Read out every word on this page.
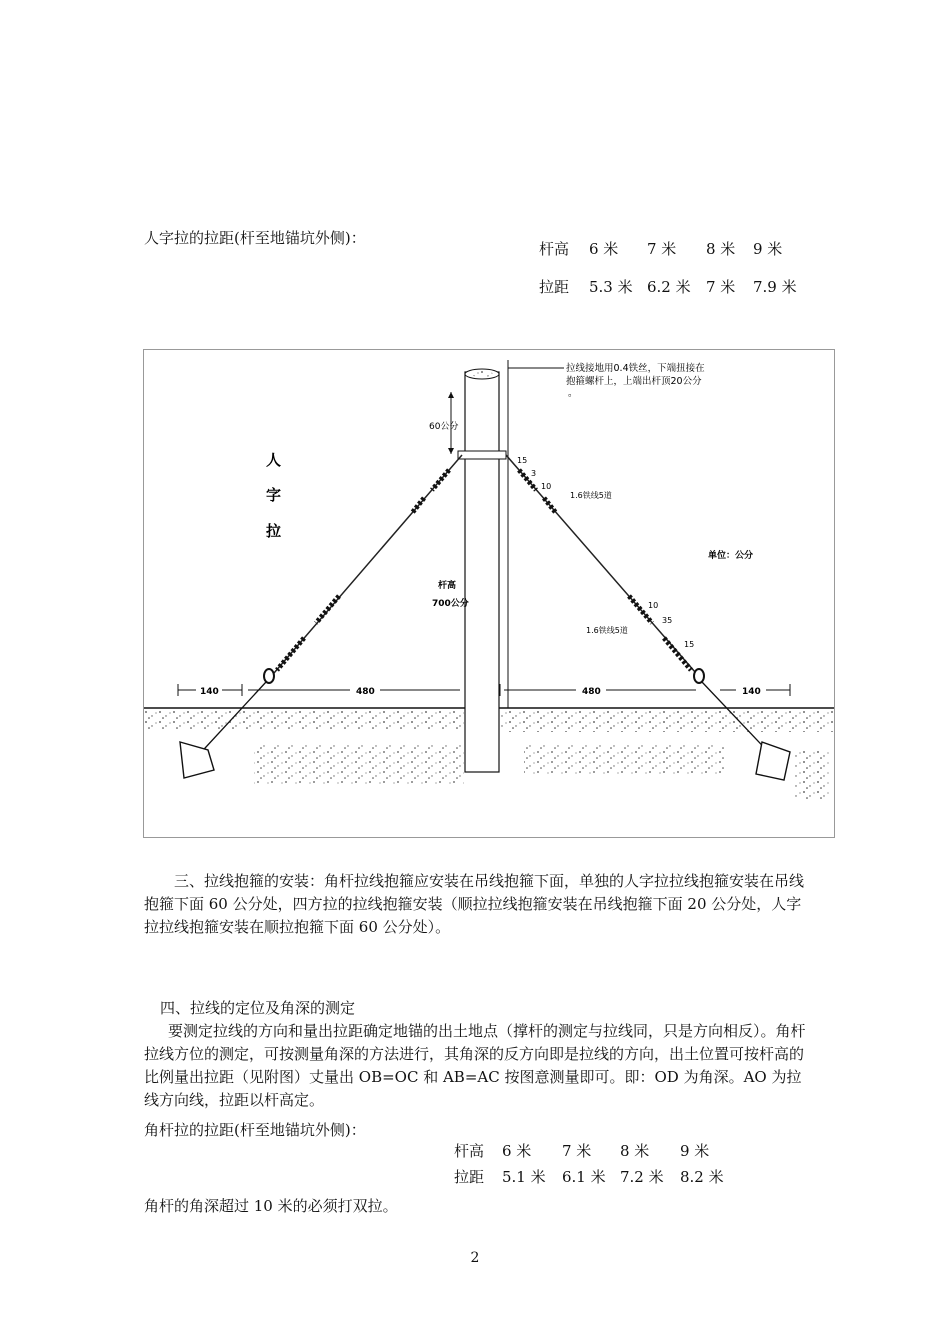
人字拉的拉距(杆至地锚坑外侧)：
杆高 6 米 7 米 8 米 9 米
拉距 5.3 米 6.2 米 7 米 7.9 米
60公分
人
字
拉
杆高
700公分
拉线接地用0.4铁丝，下端扭接在
抱箍螺杆上，上端出杆顶20公分
。
单位：公分
1.6铁线5道
1.6铁线5道
15
3
10
10
35
15
140	480	480	140
三、拉线抱箍的安装：角杆拉线抱箍应安装在吊线抱箍下面，单独的人字拉拉线抱箍安装在吊线抱箍下面 60 公分处，四方拉的拉线抱箍安装（顺拉拉线抱箍安装在吊线抱箍下面 20 公分处，人字拉拉线抱箍安装在顺拉抱箍下面 60 公分处）。
四、拉线的定位及角深的测定
要测定拉线的方向和量出拉距确定地锚的出土地点（撑杆的测定与拉线同，只是方向相反）。角杆拉线方位的测定，可按测量角深的方法进行，其角深的反方向即是拉线的方向，出土位置可按杆高的比例量出拉距（见附图）丈量出 OB=OC 和 AB=AC 按图意测量即可。即：OD 为角深。AO 为拉线方向线，拉距以杆高定。
角杆拉的拉距(杆至地锚坑外侧)：
杆高 6 米 7 米 8 米 9 米
拉距 5.1 米 6.1 米 7.2 米 8.2 米
角杆的角深超过 10 米的必须打双拉。
2
